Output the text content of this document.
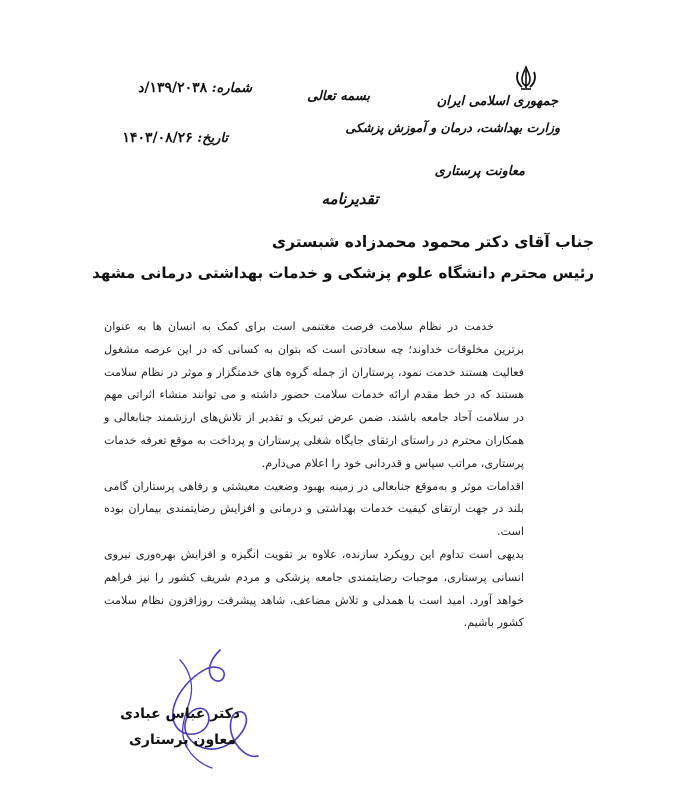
جمهوری اسلامی ایران
وزارت بهداشت، درمان و آموزش پزشکی
معاونت پرستاری
شماره: ۱۳۹/۲۰۳۸/د
تاریخ: ۱۴۰۳/۰۸/۲۶
بسمه تعالی
تقدیرنامه
جناب آقای دکتر محمود محمدزاده شبستری
رئیس محترم دانشگاه علوم پزشکی و خدمات بهداشتی درمانی مشهد

خدمت در نظام سلامت فرصت مغتنمی است برای کمک به انسان ها به عنوان برترین مخلوقات خداوند؛ چه سعادتی است که بتوان به کسانی که در این عرصه مشغول فعالیت هستند خدمت نمود، پرستاران از جمله گروه های خدمتگزار و موثر در نظام سلامت هستند که در خط مقدم ارائه خدمات سلامت حضور داشته و می توانند منشاء اثراتی مهم در سلامت آحاد جامعه باشند. ضمن عرض تبریک و تقدیر از تلاش‌های ارزشمند جنابعالی و همکاران محترم در راستای ارتقای جایگاه شغلی پرستاران و پرداخت به موقع تعرفه خدمات پرستاری، مراتب سپاس و قدردانی خود را اعلام می‌دارم.

اقدامات موثر و به‌موقع جنابعالی در زمینه بهبود وضعیت معیشتی و رفاهی پرستاران گامی بلند در جهت ارتقای کیفیت خدمات بهداشتی و درمانی و افزایش رضایتمندی بیماران بوده است.

بدیهی است تداوم این رویکرد سازنده، علاوه بر تقویت انگیزه و افزایش بهره‌وری نیروی انسانی پرستاری، موجبات رضایتمندی جامعه پزشکی و مردم شریف کشور را نیز فراهم خواهد آورد. امید است با همدلی و تلاش مضاعف، شاهد پیشرفت روزافزون نظام سلامت کشور باشیم.

دکتر عباس عبادی
معاون پرستاری
